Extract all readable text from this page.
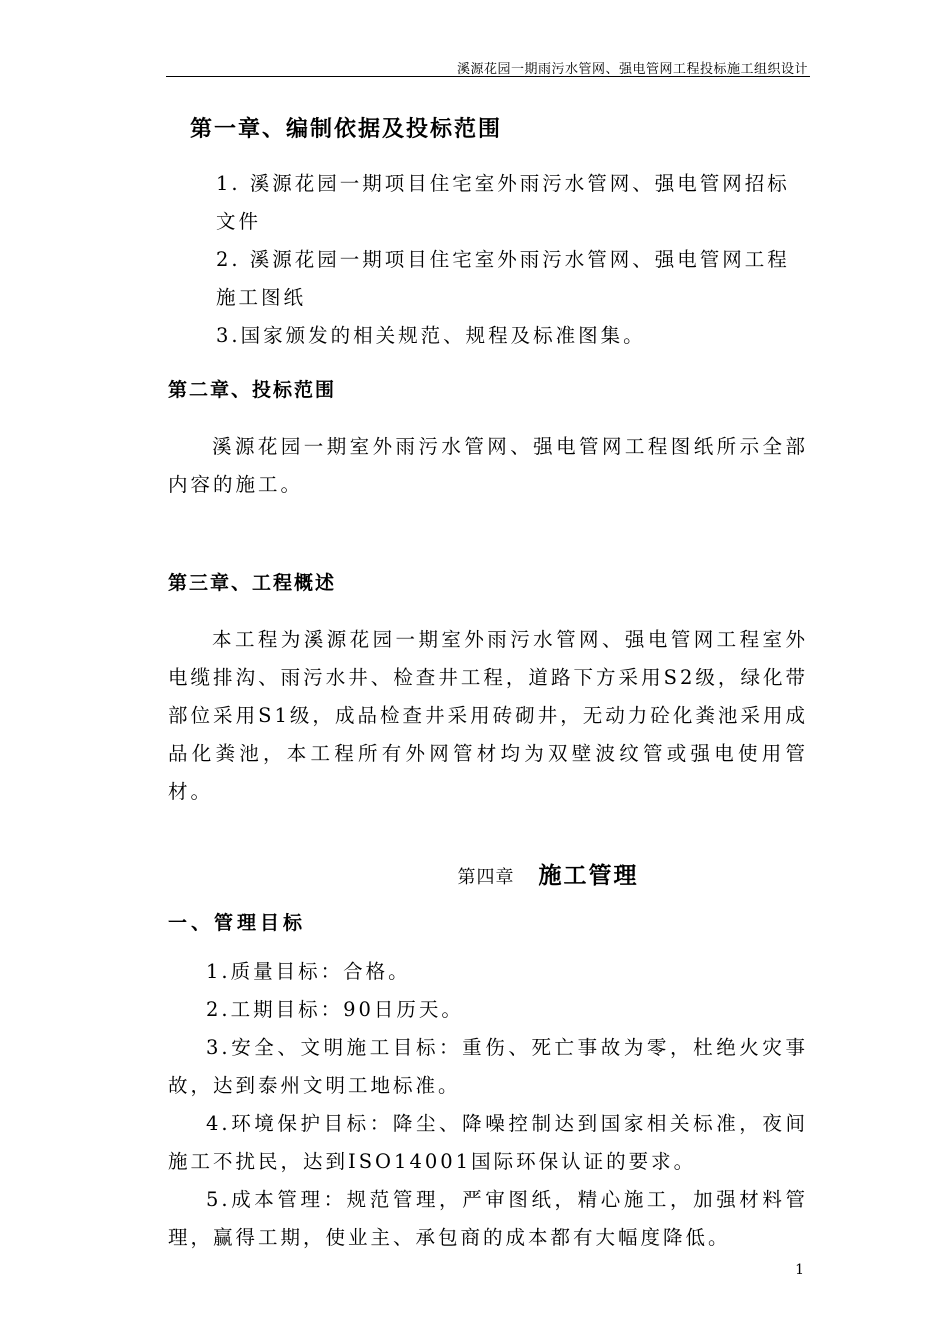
溪源花园一期雨污水管网、强电管网工程投标施工组织设计
第一章、编制依据及投标范围
1. 溪源花园一期项目住宅室外雨污水管网、强电管网招标
文件
2. 溪源花园一期项目住宅室外雨污水管网、强电管网工程
施工图纸
3.国家颁发的相关规范、规程及标准图集。
第二章、投标范围
溪源花园一期室外雨污水管网、强电管网工程图纸所示全部内容的施工。
第三章、工程概述
本工程为溪源花园一期室外雨污水管网、强电管网工程室外电缆排沟、雨污水井、检查井工程，道路下方采用S2级，绿化带部位采用S1级，成品检查井采用砖砌井，无动力砼化粪池采用成品化粪池，本工程所有外网管材均为双壁波纹管或强电使用管材。
第四章 施工管理
一、管理目标
1.质量目标：合格。
2.工期目标：90日历天。
3.安全、文明施工目标：重伤、死亡事故为零，杜绝火灾事故，达到泰州文明工地标准。
4.环境保护目标：降尘、降噪控制达到国家相关标准，夜间施工不扰民，达到ISO14001国际环保认证的要求。
5.成本管理：规范管理，严审图纸，精心施工，加强材料管理，赢得工期，使业主、承包商的成本都有大幅度降低。
1
